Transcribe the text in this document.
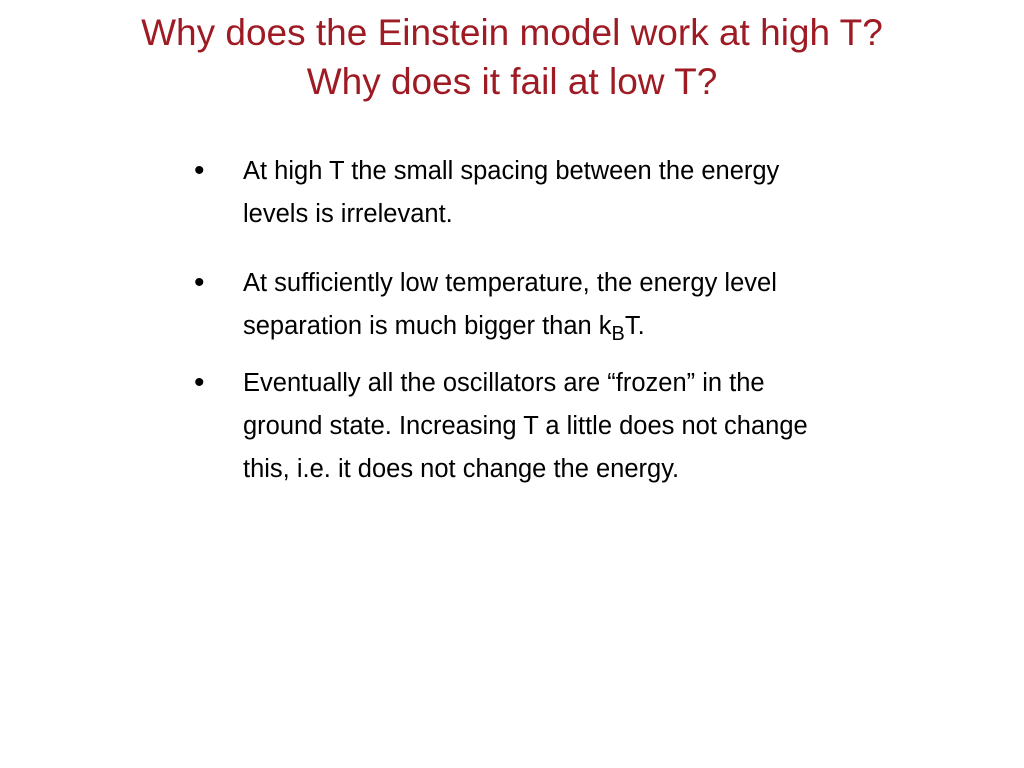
Why does the Einstein model work at high T?
Why does it fail at low T?
• At high T the small spacing between the energy levels is irrelevant.
• At sufficiently low temperature, the energy level separation is much bigger than $k_BT$.
• Eventually all the oscillators are “frozen” in the ground state. Increasing T a little does not change this, i.e. it does not change the energy.
